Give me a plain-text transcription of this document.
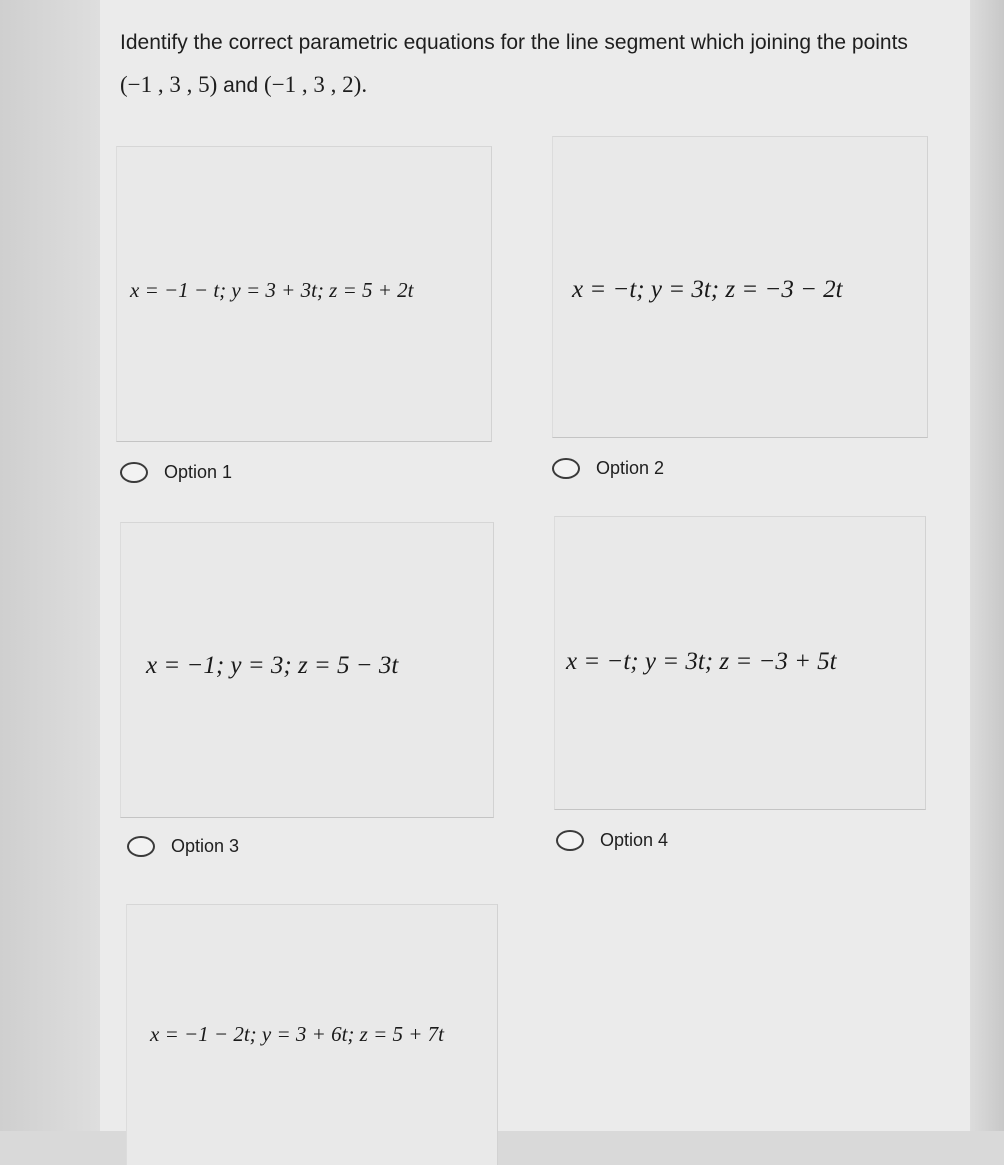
Identify the correct parametric equations for the line segment which joining the points (−1 , 3 , 5) and (−1 , 3 , 2).
x = −1 − t; y = 3 + 3t; z = 5 + 2t
Option 1
x = −t; y = 3t; z = −3 − 2t
Option 2
x = −1; y = 3; z = 5 − 3t
Option 3
x = −t; y = 3t; z = −3 + 5t
Option 4
x = −1 − 2t; y = 3 + 6t; z = 5 + 7t
